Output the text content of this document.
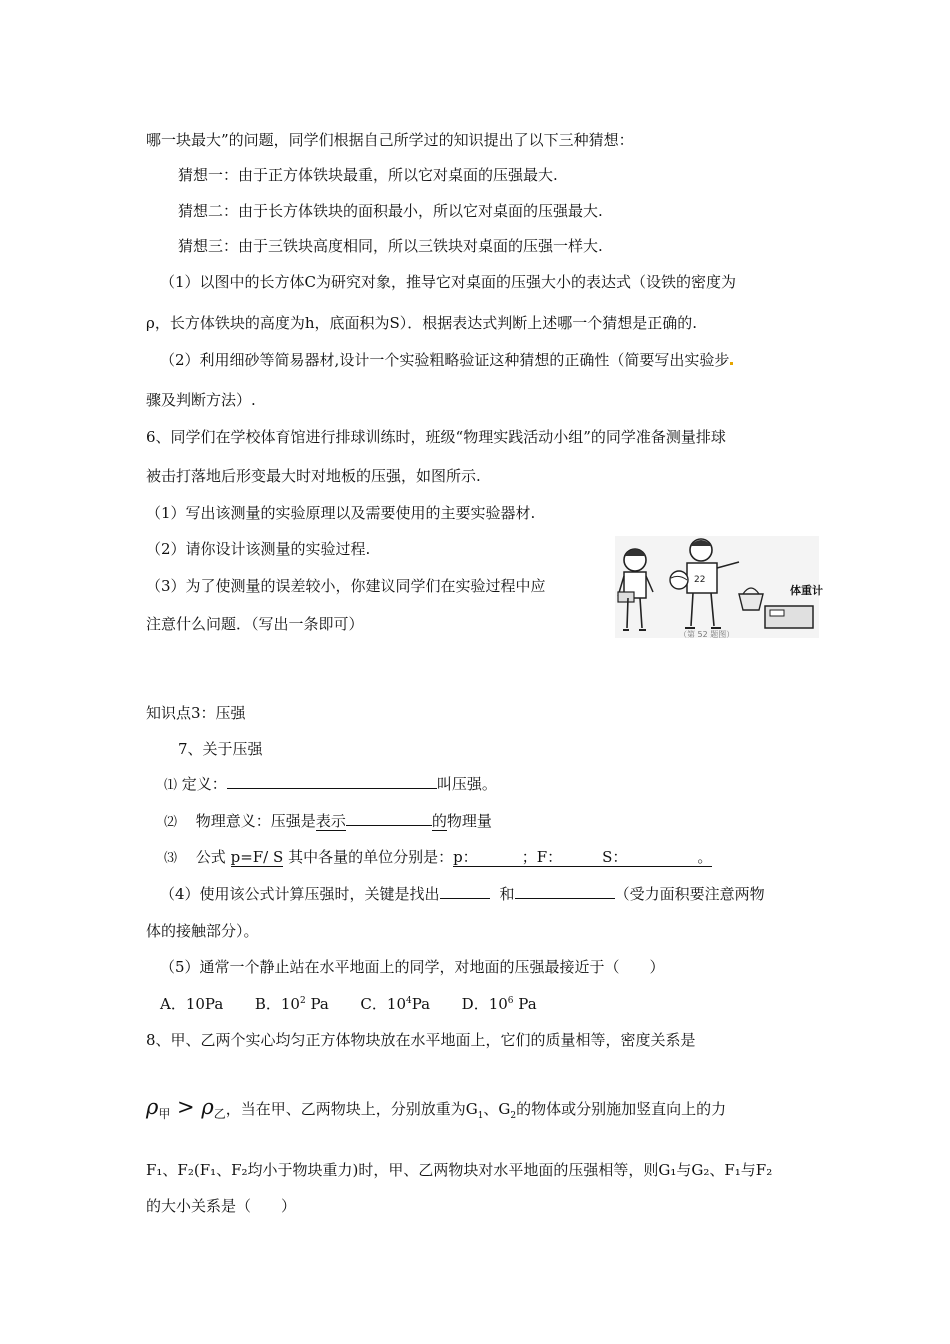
哪一块最大”的问题，同学们根据自己所学过的知识提出了以下三种猜想：
猜想一：由于正方体铁块最重，所以它对桌面的压强最大.
猜想二：由于长方体铁块的面积最小，所以它对桌面的压强最大.
猜想三：由于三铁块高度相同，所以三铁块对桌面的压强一样大.
（1）以图中的长方体C为研究对象，推导它对桌面的压强大小的表达式（设铁的密度为
ρ，长方体铁块的高度为h，底面积为S）．根据表达式判断上述哪一个猜想是正确的.
（2）利用细砂等简易器材,设计一个实验粗略验证这种猜想的正确性（简要写出实验步
骤及判断方法）.
6、同学们在学校体育馆进行排球训练时，班级“物理实践活动小组”的同学准备测量排球
被击打落地后形变最大时对地板的压强，如图所示.
（1）写出该测量的实验原理以及需要使用的主要实验器材.
（2）请你设计该测量的实验过程.
（3）为了使测量的误差较小，你建议同学们在实验过程中应
注意什么问题．（写出一条即可）
22
（第 52 题图）
体重计
知识点3：压强
7、关于压强
⑴ 定义：	叫压强。
⑵ 物理意义：压强是表示	的物理量
⑶ 公式 p=F/ S 其中各量的单位分别是：p：	；F：	S：	。
（4）使用该公式计算压强时，关键是找出	和	（受力面积要注意两物
体的接触部分）。
（5）通常一个静止站在水平地面上的同学，对地面的压强最接近于（　　）
A．10Pa B．$10^2$ Pa C．$10^4Pa$ D．$10^6$ Pa
8、甲、乙两个实心均匀正方体物块放在水平地面上，它们的质量相等，密度关系是
$\rho_甲 > \rho_乙$，当在甲、乙两物块上，分别放重为$G_1$、$G_2$的物体或分别施加竖直向上的力
F₁、F₂(F₁、F₂均小于物块重力)时，甲、乙两物块对水平地面的压强相等，则G₁与G₂、F₁与F₂
的大小关系是（　　）
